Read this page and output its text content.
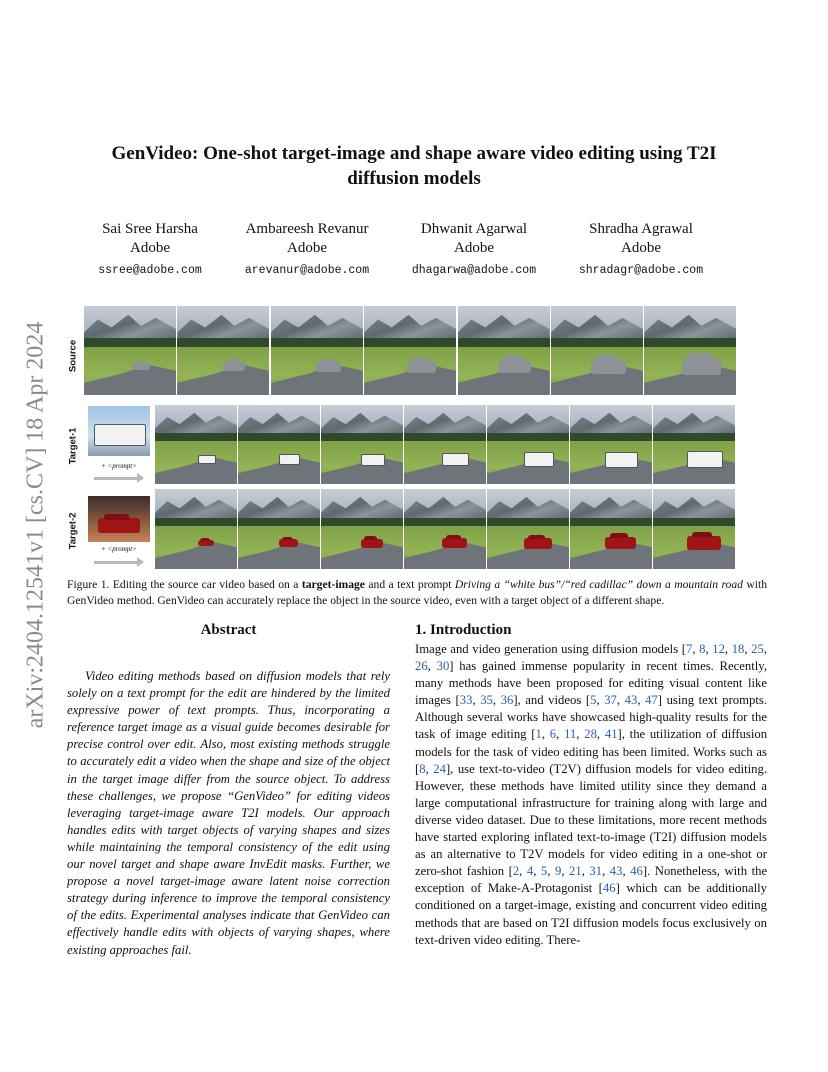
GenVideo: One-shot target-image and shape aware video editing using T2I
diffusion models
Sai Sree Harsha
Adobe
ssree@adobe.com
Ambareesh Revanur
Adobe
arevanur@adobe.com
Dhwanit Agarwal
Adobe
dhagarwa@adobe.com
Shradha Agrawal
Adobe
shradagr@adobe.com
arXiv:2404.12541v1 [cs.CV] 18 Apr 2024 Source
Target-1
Target-2
+ <prompt>
+ <prompt>
Figure 1. Editing the source car video based on a target-image and a text prompt Driving a “white bus”/“red cadillac” down a mountain road with GenVideo method. GenVideo can accurately replace the object in the source video, even with a target object of a different shape.
Abstract
Video editing methods based on diffusion models that rely solely on a text prompt for the edit are hindered by the limited expressive power of text prompts. Thus, incorporating a reference target image as a visual guide becomes desirable for precise control over edit. Also, most existing methods struggle to accurately edit a video when the shape and size of the object in the target image differ from the source object. To address these challenges, we propose “GenVideo” for editing videos leveraging target-image aware T2I models. Our approach handles edits with target objects of varying shapes and sizes while maintaining the temporal consistency of the edit using our novel target and shape aware InvEdit masks. Further, we propose a novel target-image aware latent noise correction strategy during inference to improve the temporal consistency of the edits. Experimental analyses indicate that GenVideo can effectively handle edits with objects of varying shapes, where existing approaches fail.
1. Introduction
Image and video generation using diffusion models [7, 8, 12, 18, 25, 26, 30] has gained immense popularity in recent times. Recently, many methods have been proposed for editing visual content like images [33, 35, 36], and videos [5, 37, 43, 47] using text prompts. Although several works have showcased high-quality results for the task of image editing [1, 6, 11, 28, 41], the utilization of diffusion models for the task of video editing has been limited. Works such as [8, 24], use text-to-video (T2V) diffusion models for video editing. However, these methods have limited utility since they demand a large computational infrastructure for training along with large and diverse video dataset. Due to these limitations, more recent methods have started exploring inflated text-to-image (T2I) diffusion models as an alternative to T2V models for video editing in a one-shot or zero-shot fashion [2, 4, 5, 9, 21, 31, 43, 46]. Nonetheless, with the exception of Make-A-Protagonist [46] which can be additionally conditioned on a target-image, existing and concurrent video editing methods that are based on T2I diffusion models focus exclusively on text-driven video editing. There-
